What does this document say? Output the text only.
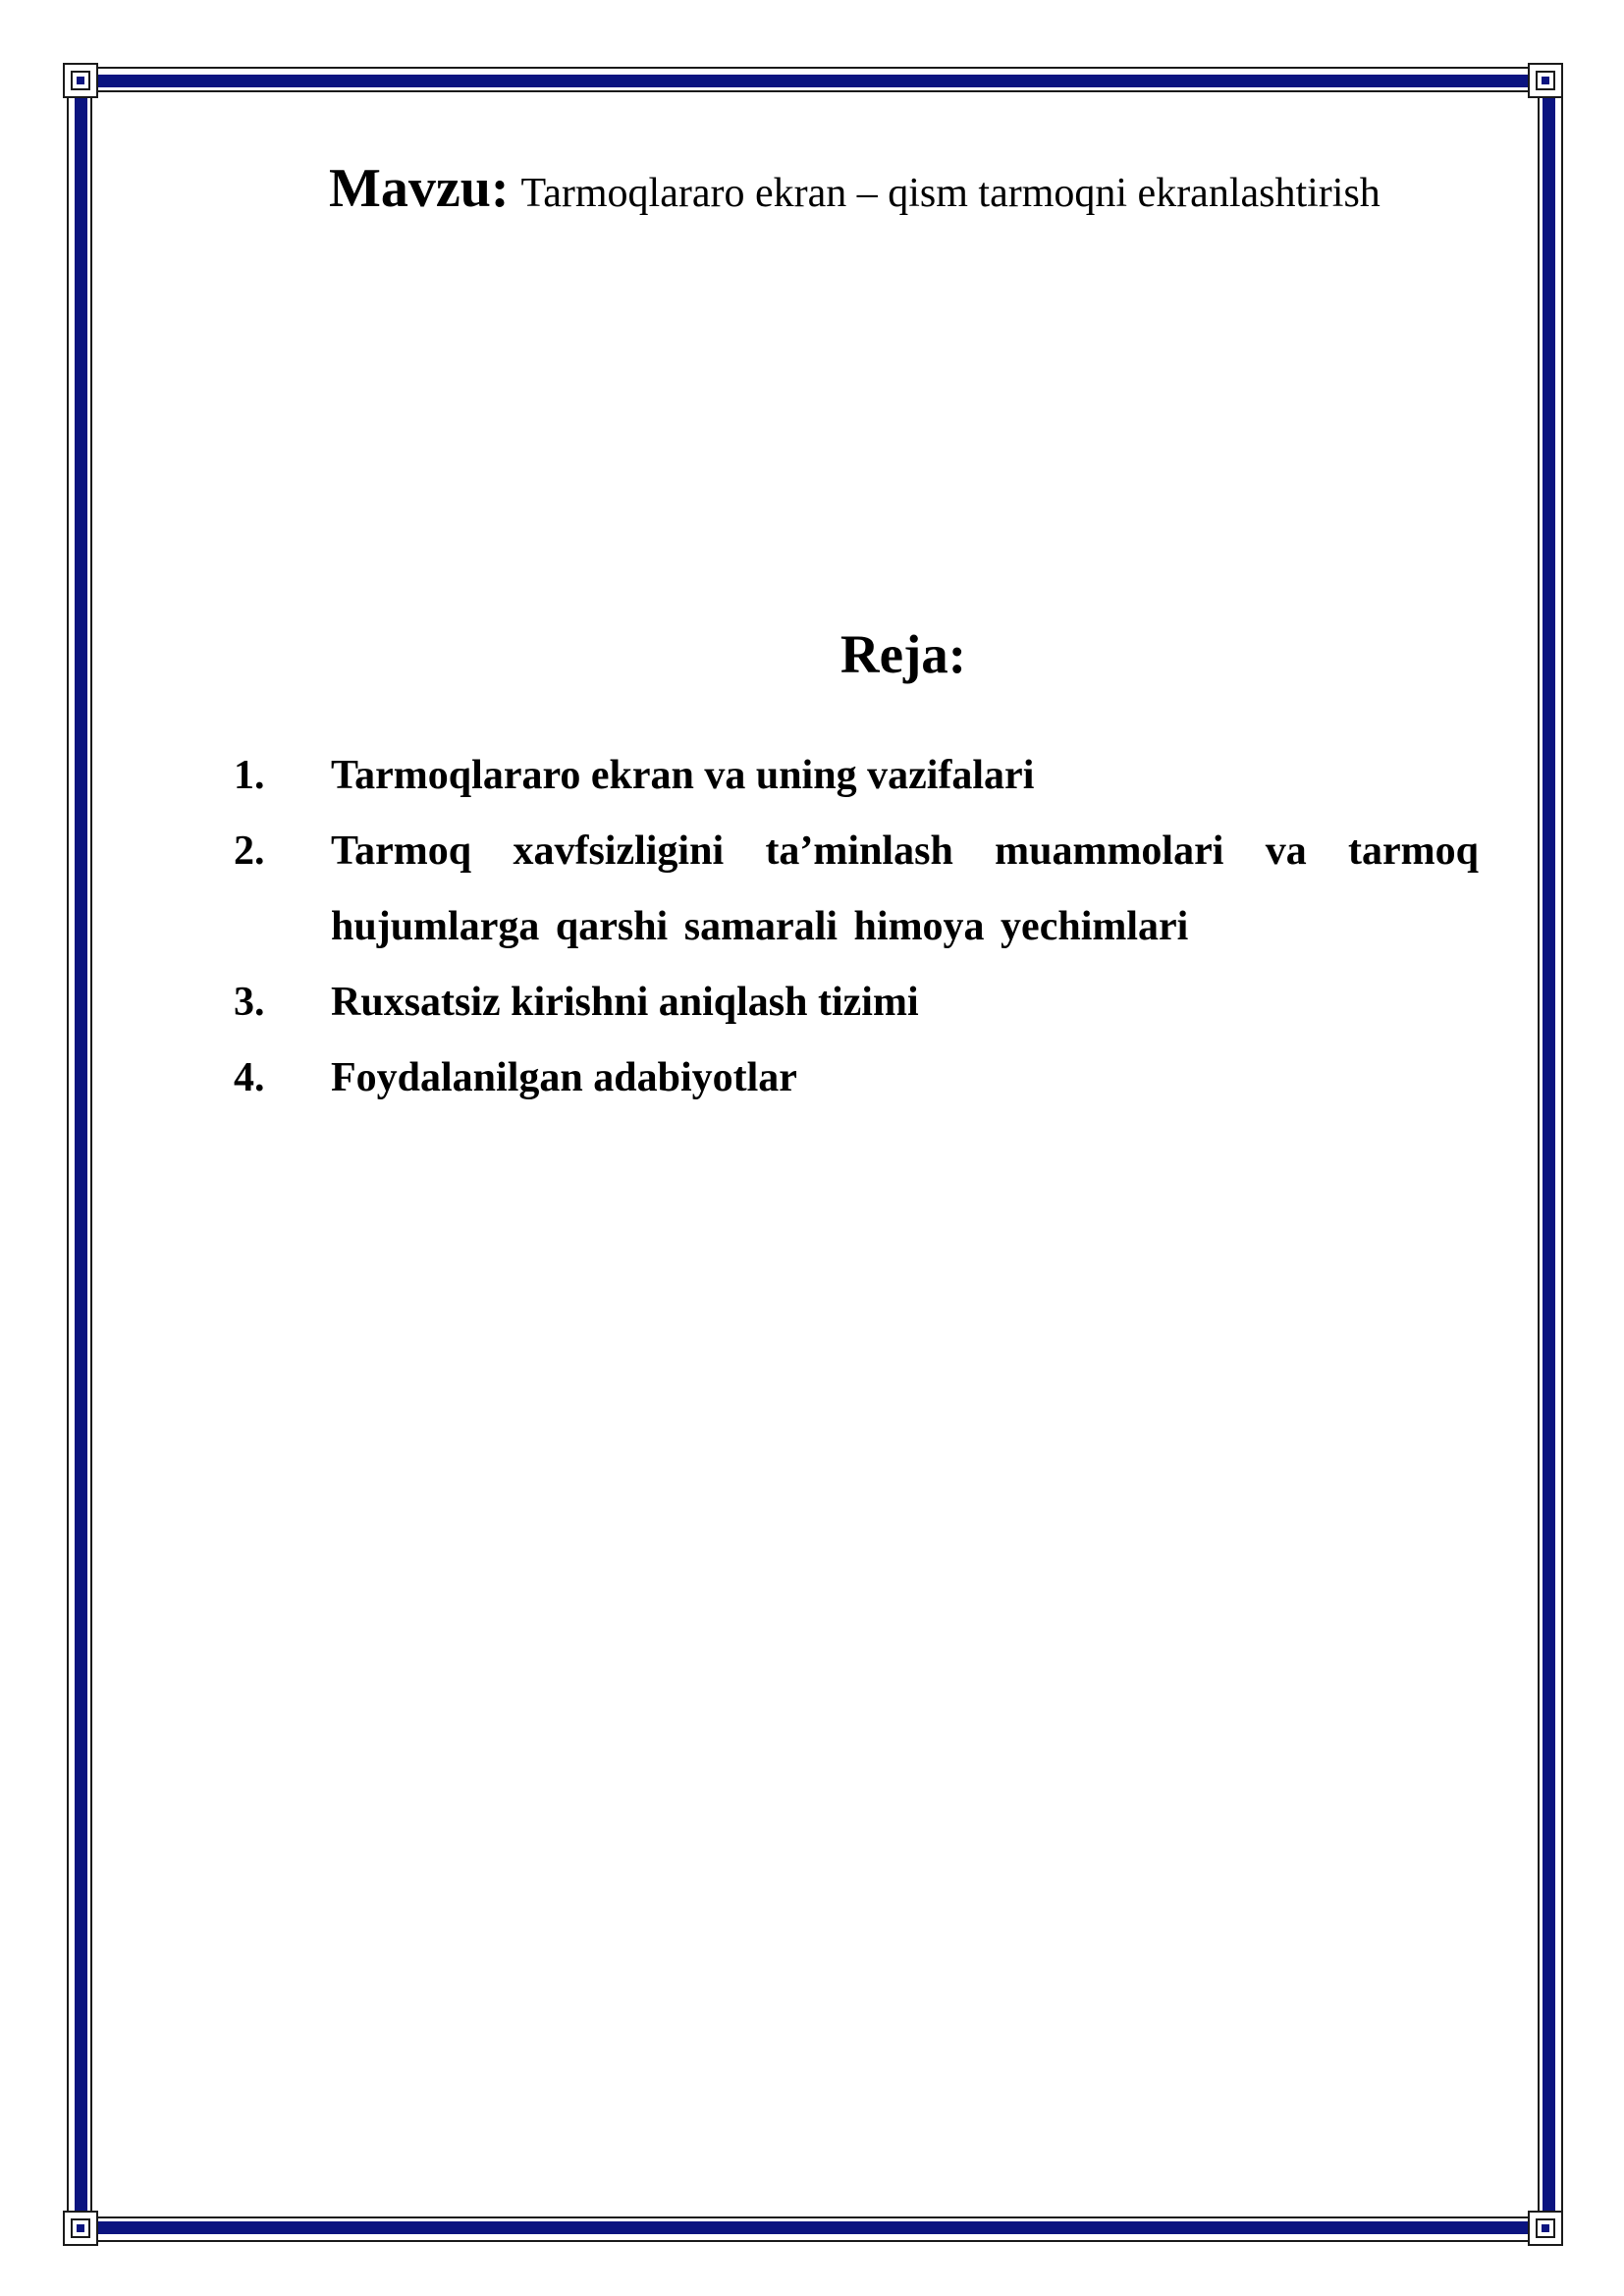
Mavzu: Tarmoqlararo ekran – qism tarmoqni ekranlashtirish
Reja:
1. Tarmoqlararo ekran va uning vazifalari
2. Tarmoq xavfsizligini ta’minlash muammolari va tarmoq hujumlarga qarshi samarali himoya yechimlari
3. Ruxsatsiz kirishni aniqlash tizimi
4. Foydalanilgan adabiyotlar
